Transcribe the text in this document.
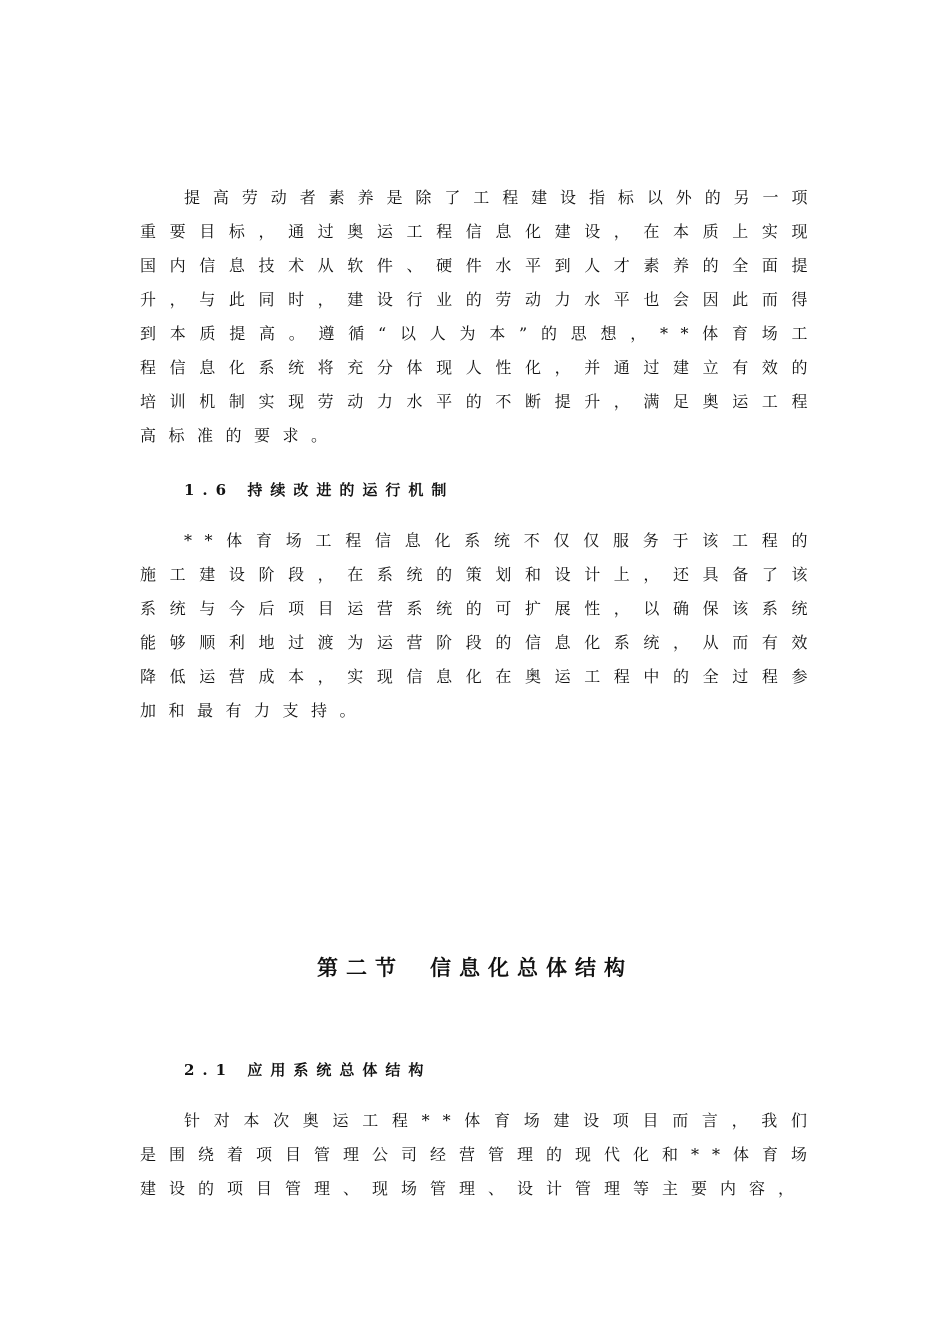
提高劳动者素养是除了工程建设指标以外的另一项重要目标，通过奥运工程信息化建设，在本质上实现国内信息技术从软件、硬件水平到人才素养的全面提升，与此同时，建设行业的劳动力水平也会因此而得到本质提高。遵循“以人为本”的思想，**体育场工程信息化系统将充分体现人性化，并通过建立有效的培训机制实现劳动力水平的不断提升，满足奥运工程高标准的要求。

1.6 持续改进的运行机制

**体育场工程信息化系统不仅仅服务于该工程的施工建设阶段，在系统的策划和设计上，还具备了该系统与今后项目运营系统的可扩展性，以确保该系统能够顺利地过渡为运营阶段的信息化系统，从而有效降低运营成本，实现信息化在奥运工程中的全过程参加和最有力支持。

第二节 信息化总体结构

2.1 应用系统总体结构

针对本次奥运工程**体育场建设项目而言，我们是围绕着项目管理公司经营管理的现代化和**体育场建设的项目管理、现场管理、设计管理等主要内容，
